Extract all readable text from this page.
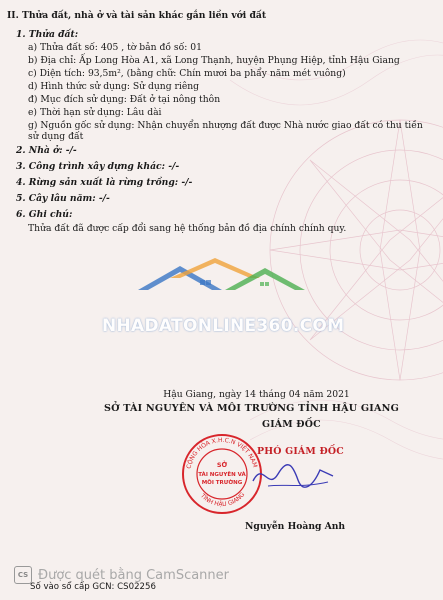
II. Thửa đất, nhà ở và tài sản khác gắn liền với đất
1. Thửa đất:
a) Thửa đất số: 405 , tờ bản đồ số: 01
b) Địa chỉ: Ấp Long Hòa A1, xã Long Thạnh, huyện Phụng Hiệp, tỉnh Hậu Giang
c) Diện tích: 93,5m², (bằng chữ: Chín mươi ba phẩy năm mét vuông)
d) Hình thức sử dụng: Sử dụng riêng
đ) Mục đích sử dụng: Đất ở tại nông thôn
e) Thời hạn sử dụng: Lâu dài
g) Nguồn gốc sử dụng: Nhận chuyển nhượng đất được Nhà nước giao đất có thu tiền sử dụng đất
2. Nhà ở: -/-
3. Công trình xây dựng khác: -/-
4. Rừng sản xuất là rừng trồng: -/-
5. Cây lâu năm: -/-
6. Ghi chú:
Thửa đất đã được cấp đổi sang hệ thống bản đồ địa chính chính quy.
NHADATONLINE360.COM
Hậu Giang, ngày 14 tháng 04 năm 2021
SỞ TÀI NGUYÊN VÀ MÔI TRƯỜNG TỈNH HẬU GIANG
GIÁM ĐỐC
PHÓ GIÁM ĐỐC
CỘNG HÒA X.H.C.N VIỆT NAM
TỈNH HẬU GIANG
SỞ
TÀI NGUYÊN VÀ
MÔI TRƯỜNG
Nguyễn Hoàng Anh
CS Được quét bằng CamScanner
Số vào sổ cấp GCN: CS02256
